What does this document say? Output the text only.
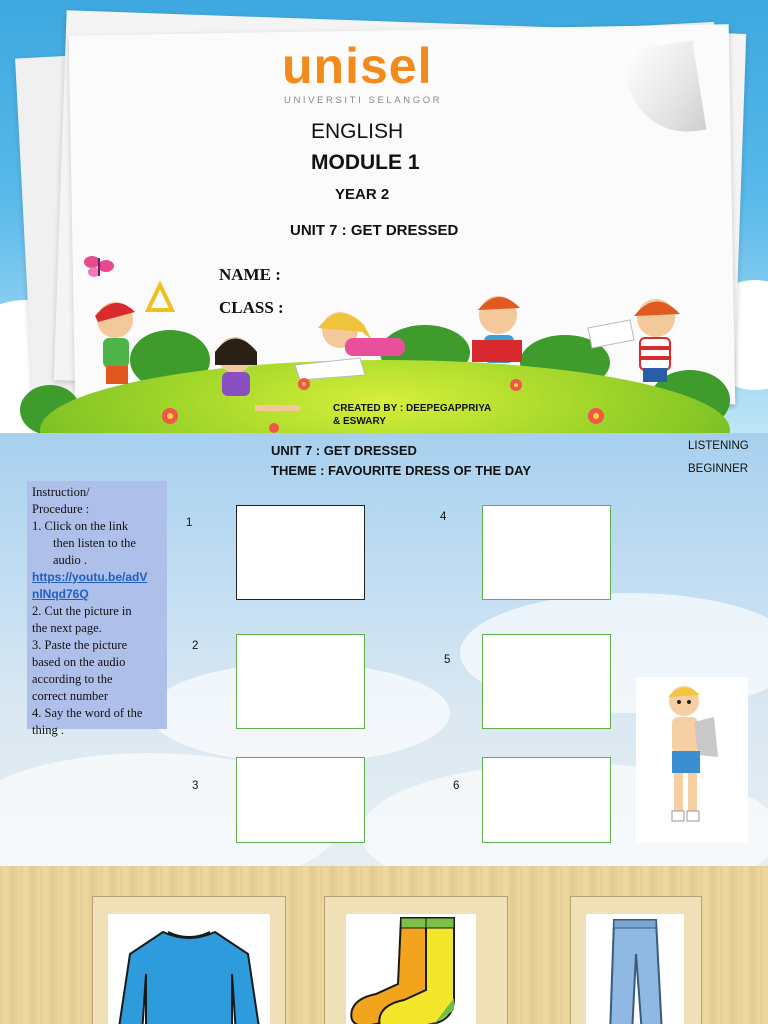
unisel
UNIVERSITI SELANGOR
ENGLISH
MODULE 1
YEAR 2
UNIT 7 : GET DRESSED
NAME :
CLASS :
CREATED BY : DEEPEGAPPRIYA & ESWARY
UNIT 7 : GET DRESSED
THEME : FAVOURITE DRESS OF THE DAY
LISTENING
BEGINNER
Instruction/
Procedure :
1. Click on the link
then listen to the
audio .
https://youtu.be/adV
nlNqd76Q
2. Cut the picture in
the next page.
3. Paste the picture
based on the audio
according to the
correct number
4. Say the word of the
thing .
1
2
3
4
5
6
